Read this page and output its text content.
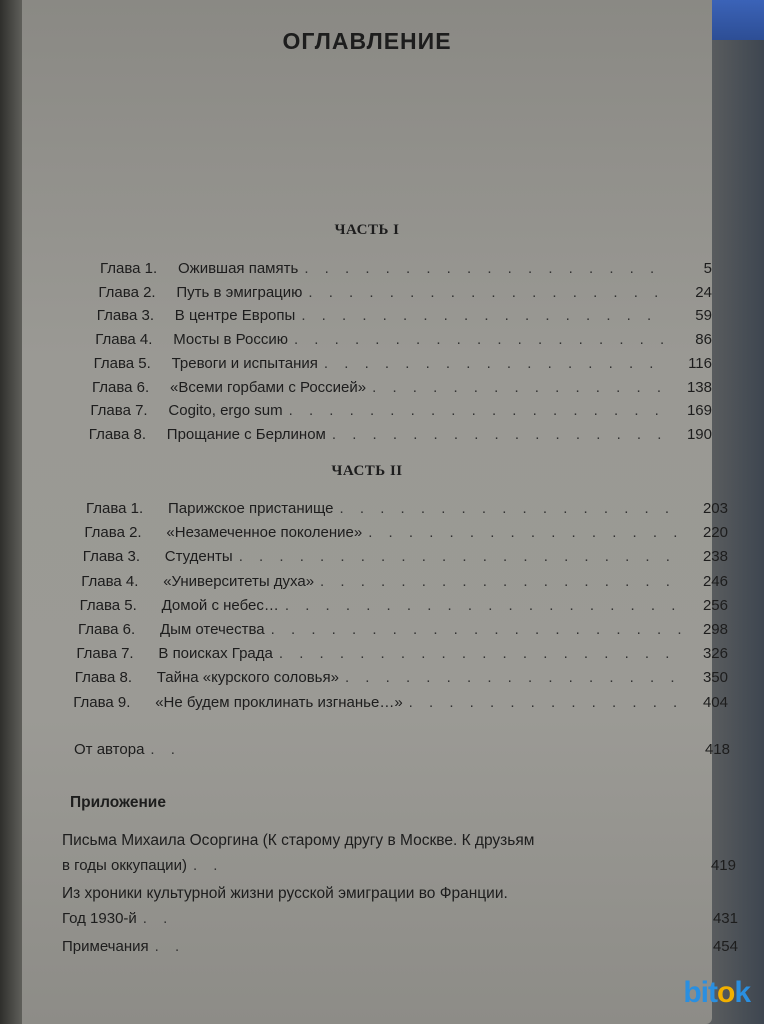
ОГЛАВЛЕНИЕ
ЧАСТЬ I
Глава 1.	Ожившая память . . .	5
Глава 2.	Путь в эмиграцию . . .	24
Глава 3.	В центре Европы . . .	59
Глава 4.	Мосты в Россию . . .	86
Глава 5.	Тревоги и испытания . . .	116
Глава 6.	«Всеми горбами с Россией» . . .	138
Глава 7.	Cogito, ergo sum . . .	169
Глава 8.	Прощание с Берлином . . .	190
ЧАСТЬ II
Глава 1.	Парижское пристанище . . .	203
Глава 2.	«Незамеченное поколение» . . .	220
Глава 3.	Студенты . . .	238
Глава 4.	«Университеты духа» . . .	246
Глава 5.	Домой с небес… . . .	256
Глава 6.	Дым отечества . . .	298
Глава 7.	В поисках Града . . .	326
Глава 8.	Тайна «курского соловья» . . .	350
Глава 9.	«Не будем проклинать изгнанье…» . . .	404
От автора . . .	418
Приложение
Письма Михаила Осоргина (К старому другу в Москве. К друзьям
в годы оккупации) . . .	419
Из хроники культурной жизни русской эмиграции во Франции.
Год 1930-й . . .	431
Примечания . . .	454
bitok
